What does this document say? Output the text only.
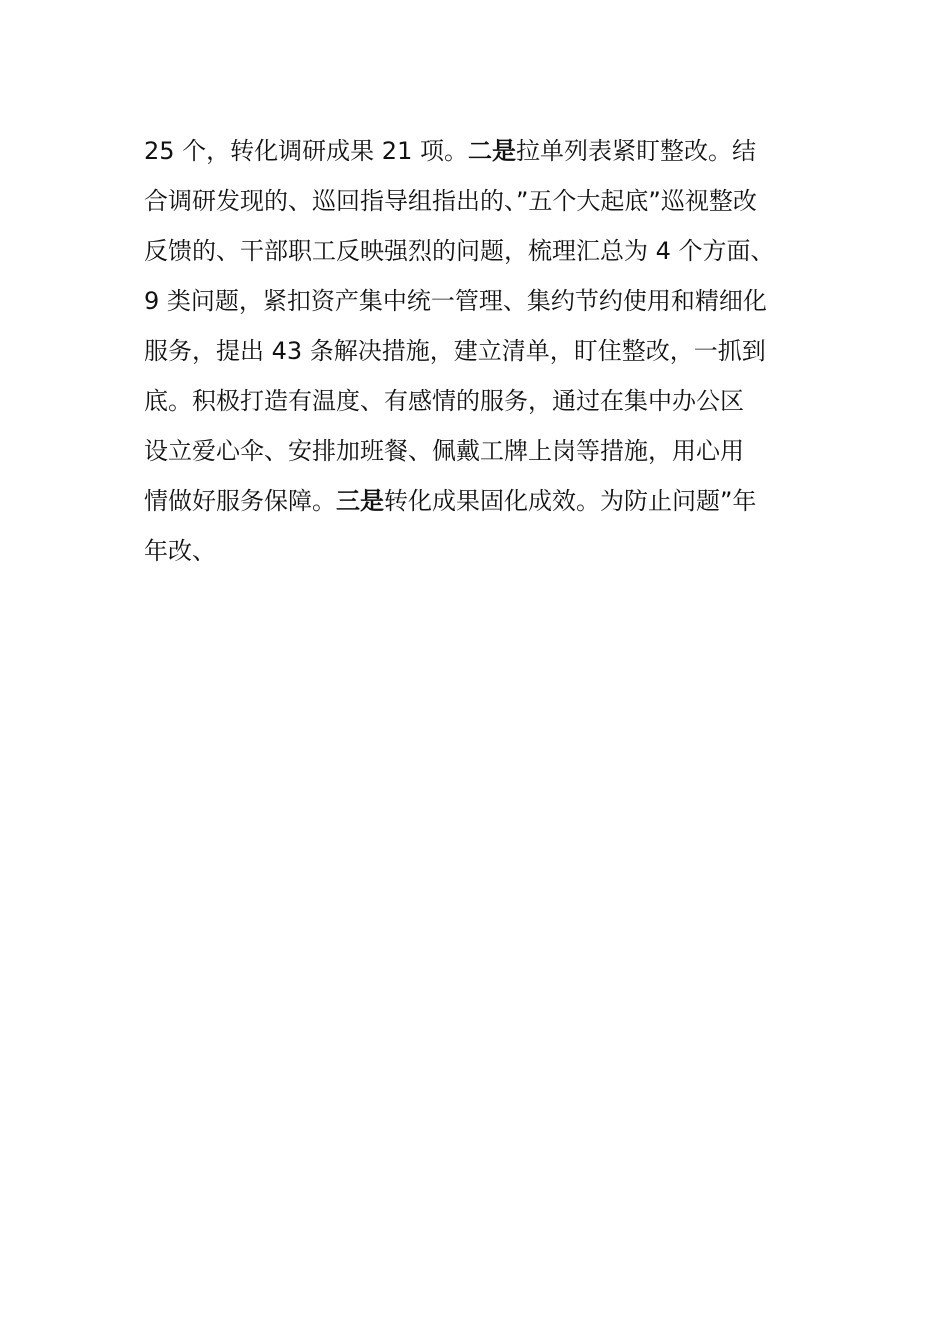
25 个，转化调研成果 21 项。二是拉单列表紧盯整改。结
合调研发现的、巡回指导组指出的、”五个大起底”巡视整改
反馈的、干部职工反映强烈的问题，梳理汇总为 4 个方面、
9 类问题，紧扣资产集中统一管理、集约节约使用和精细化
服务，提出 43 条解决措施，建立清单，盯住整改，一抓到
底。积极打造有温度、有感情的服务，通过在集中办公区
设立爱心伞、安排加班餐、佩戴工牌上岗等措施，用心用
情做好服务保障。三是转化成果固化成效。为防止问题”年
年改、
